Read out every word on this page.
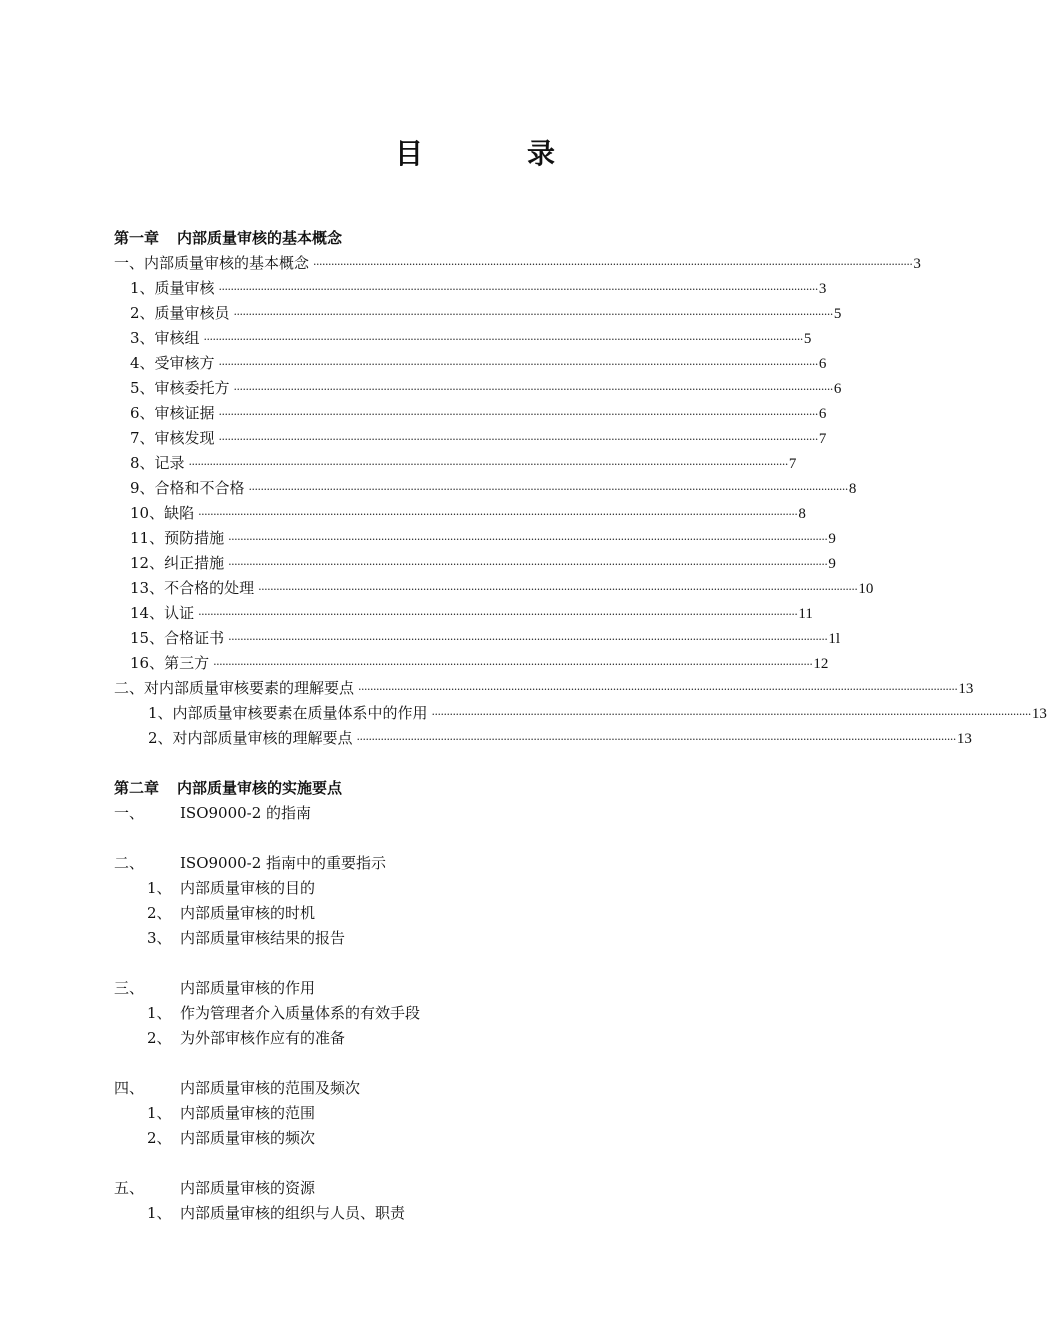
目	录
第一章 内部质量审核的基本概念
一、内部质量审核的基本概念 ········································································································································································································ 3
1、质量审核 ········································································································································································································ 3
2、质量审核员 ········································································································································································································ 5
3、审核组 ········································································································································································································ 5
4、受审核方 ········································································································································································································ 6
5、审核委托方 ········································································································································································································ 6
6、审核证据 ········································································································································································································ 6
7、审核发现 ········································································································································································································ 7
8、记录 ········································································································································································································ 7
9、合格和不合格 ········································································································································································································ 8
10、缺陷 ········································································································································································································ 8
11、预防措施 ········································································································································································································ 9
12、纠正措施 ········································································································································································································ 9
13、不合格的处理 ········································································································································································································ 10
14、认证 ········································································································································································································ 11
15、合格证书 ········································································································································································································ 1l
16、第三方 ········································································································································································································ 12
二、对内部质量审核要素的理解要点 ········································································································································································································ 13
1、内部质量审核要素在质量体系中的作用 ········································································································································································································ 13
2、对内部质量审核的理解要点 ········································································································································································································ 13
第二章 内部质量审核的实施要点
一、	ISO9000-2 的指南
二、	ISO9000-2 指南中的重要指示
1、 内部质量审核的目的
2、 内部质量审核的时机
3、 内部质量审核结果的报告
三、	内部质量审核的作用
1、 作为管理者介入质量体系的有效手段
2、 为外部审核作应有的准备
四、	内部质量审核的范围及频次
1、 内部质量审核的范围
2、 内部质量审核的频次
五、	内部质量审核的资源
1、 内部质量审核的组织与人员、职责
